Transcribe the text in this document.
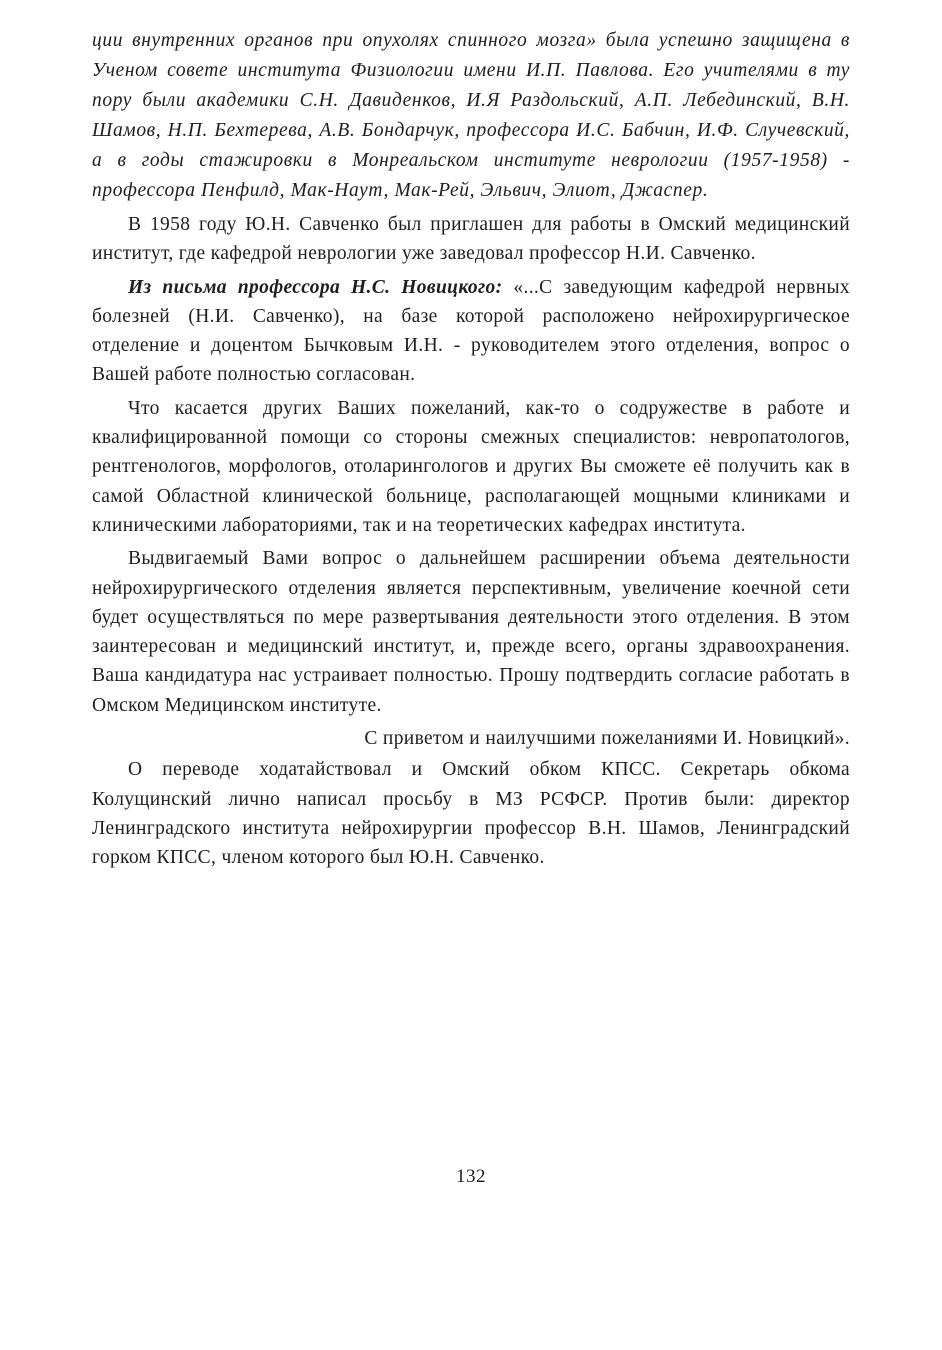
ции внутренних органов при опухолях спинного мозга» была успешно защищена в Ученом совете института Физиологии имени И.П. Павлова. Его учителями в ту пору были академики С.Н. Давиденков, И.Я Раздольский, А.П. Лебединский, В.Н. Шамов, Н.П. Бехтерева, А.В. Бондарчук, профессора И.С. Бабчин, И.Ф. Случевский, а в годы стажировки в Монреальском институте неврологии (1957-1958) - профессора Пенфилд, Мак-Наут, Мак-Рей, Эльвич, Элиот, Джаспер.

В 1958 году Ю.Н. Савченко был приглашен для работы в Омский медицинский институт, где кафедрой неврологии уже заведовал профессор Н.И. Савченко.

Из письма профессора Н.С. Новицкого: «...С заведующим кафедрой нервных болезней (Н.И. Савченко), на базе которой расположено нейрохирургическое отделение и доцентом Бычковым И.Н. - руководителем этого отделения, вопрос о Вашей работе полностью согласован.

Что касается других Ваших пожеланий, как-то о содружестве в работе и квалифицированной помощи со стороны смежных специалистов: невропатологов, рентгенологов, морфологов, отоларингологов и других Вы сможете её получить как в самой Областной клинической больнице, располагающей мощными клиниками и клиническими лабораториями, так и на теоретических кафедрах института.

Выдвигаемый Вами вопрос о дальнейшем расширении объема деятельности нейрохирургического отделения является перспективным, увеличение коечной сети будет осуществляться по мере развертывания деятельности этого отделения. В этом заинтересован и медицинский институт, и, прежде всего, органы здравоохранения. Ваша кандидатура нас устраивает полностью. Прошу подтвердить согласие работать в Омском Медицинском институте.

С приветом и наилучшими пожеланиями И. Новицкий».

О переводе ходатайствовал и Омский обком КПСС. Секретарь обкома Колущинский лично написал просьбу в МЗ РСФСР. Против были: директор Ленинградского института нейрохирургии профессор В.Н. Шамов, Ленинградский горком КПСС, членом которого был Ю.Н. Савченко.

132
